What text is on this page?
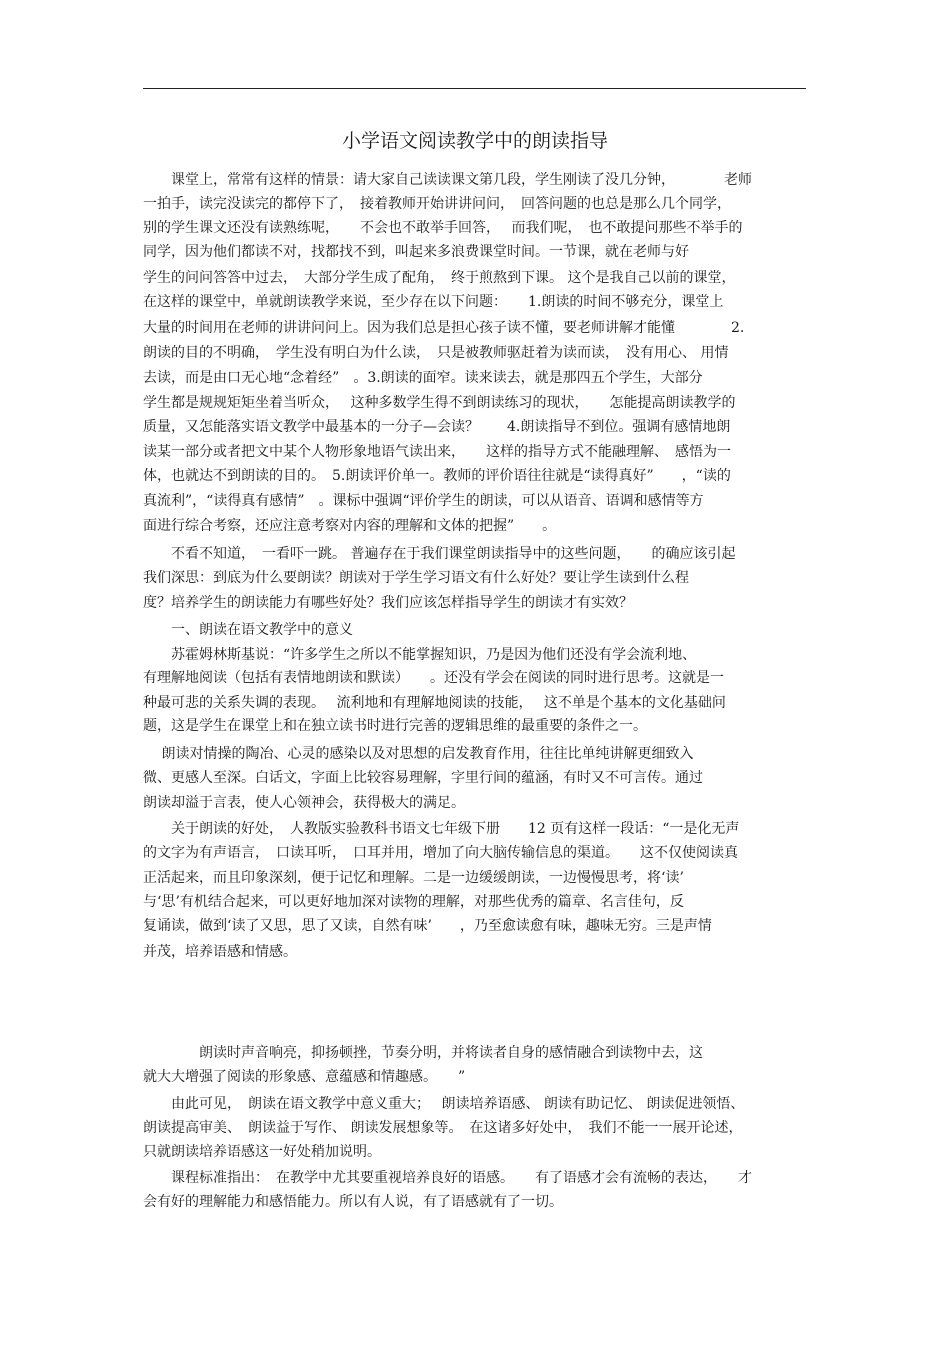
小学语文阅读教学中的朗读指导
　　课堂上，常常有这样的情景：请大家自己读读课文第几段，学生刚读了没几分钟，　　　　老师
一拍手，读完没读完的都停下了，　接着教师开始讲讲问问，　回答问题的也总是那么几个同学，
别的学生课文还没有读熟练呢，　　不会也不敢举手回答，　 而我们呢，　也不敢提问那些不举手的
同学，因为他们都读不对，找都找不到，叫起来多浪费课堂时间。一节课，就在老师与好
学生的问问答答中过去，　大部分学生成了配角，　终于煎熬到下课。 这个是我自己以前的课堂，
在这样的课堂中，单就朗读教学来说，至少存在以下问题：　　1.朗读的时间不够充分，课堂上
大量的时间用在老师的讲讲问问上。因为我们总是担心孩子读不懂，要老师讲解才能懂　　　　2.
朗读的目的不明确，　学生没有明白为什么读，　只是被教师驱赶着为读而读，　没有用心、 用情
去读，而是由口无心地“念着经”　。3.朗读的面窄。读来读去，就是那四五个学生，大部分
学生都是规规矩矩坐着当听众，　 这种多数学生得不到朗读练习的现状，　　怎能提高朗读教学的
质量，又怎能落实语文教学中最基本的一分子—会读？　　4.朗读指导不到位。强调有感情地朗
读某一部分或者把文中某个人物形象地语气读出来，　　这样的指导方式不能融理解、　感悟为一
体，也就达不到朗读的目的。　5.朗读评价单一。教师的评价语往往就是“读得真好”　　，“读的
真流利”，“读得真有感情”　。课标中强调“评价学生的朗读，可以从语音、语调和感情等方
面进行综合考察，还应注意考察对内容的理解和文体的把握”　　。
　　不看不知道，　一看吓一跳。 普遍存在于我们课堂朗读指导中的这些问题，　　的确应该引起
我们深思：到底为什么要朗读？朗读对于学生学习语文有什么好处？要让学生读到什么程
度？培养学生的朗读能力有哪些好处？我们应该怎样指导学生的朗读才有实效？
　　一、朗读在语文教学中的意义
　　苏霍姆林斯基说：“许多学生之所以不能掌握知识，乃是因为他们还没有学会流利地、
有理解地阅读（包括有表情地朗读和默读）　　。还没有学会在阅读的同时进行思考。这就是一
种最可悲的关系失调的表现。　 流利地和有理解地阅读的技能，　 这不单是个基本的文化基础问
题，这是学生在课堂上和在独立读书时进行完善的逻辑思维的最重要的条件之一。
　 朗读对情操的陶冶、心灵的感染以及对思想的启发教育作用，往往比单纯讲解更细致入
微、更感人至深。白话文，字面上比较容易理解，字里行间的蕴涵，有时又不可言传。通过
朗读却溢于言表，使人心领神会，获得极大的满足。
　　关于朗读的好处，　人教版实验教科书语文七年级下册　　12 页有这样一段话：“一是化无声
的文字为有声语言，　口读耳听，　口耳并用，增加了向大脑传输信息的渠道。　　这不仅使阅读真
正活起来，而且印象深刻，便于记忆和理解。二是一边缓缓朗读，一边慢慢思考，将‘读’
与‘思’有机结合起来，可以更好地加深对读物的理解，对那些优秀的篇章、名言佳句，反
复诵读，做到‘读了又思，思了又读，自然有味’　　，乃至愈读愈有味，趣味无穷。三是声情
并茂，培养语感和情感。
　　　　朗读时声音响亮，抑扬顿挫，节奏分明，并将读者自身的感情融合到读物中去，这
就大大增强了阅读的形象感、意蕴感和情趣感。　　”
　　由此可见，　朗读在语文教学中意义重大；　 朗读培养语感、 朗读有助记忆、 朗读促进领悟、
朗读提高审美、　朗读益于写作、 朗读发展想象等。　在这诸多好处中，　我们不能一一展开论述，
只就朗读培养语感这一好处稍加说明。
　　课程标准指出：　在教学中尤其要重视培养良好的语感。　　有了语感才会有流畅的表达，　　才
会有好的理解能力和感悟能力。所以有人说，有了语感就有了一切。
